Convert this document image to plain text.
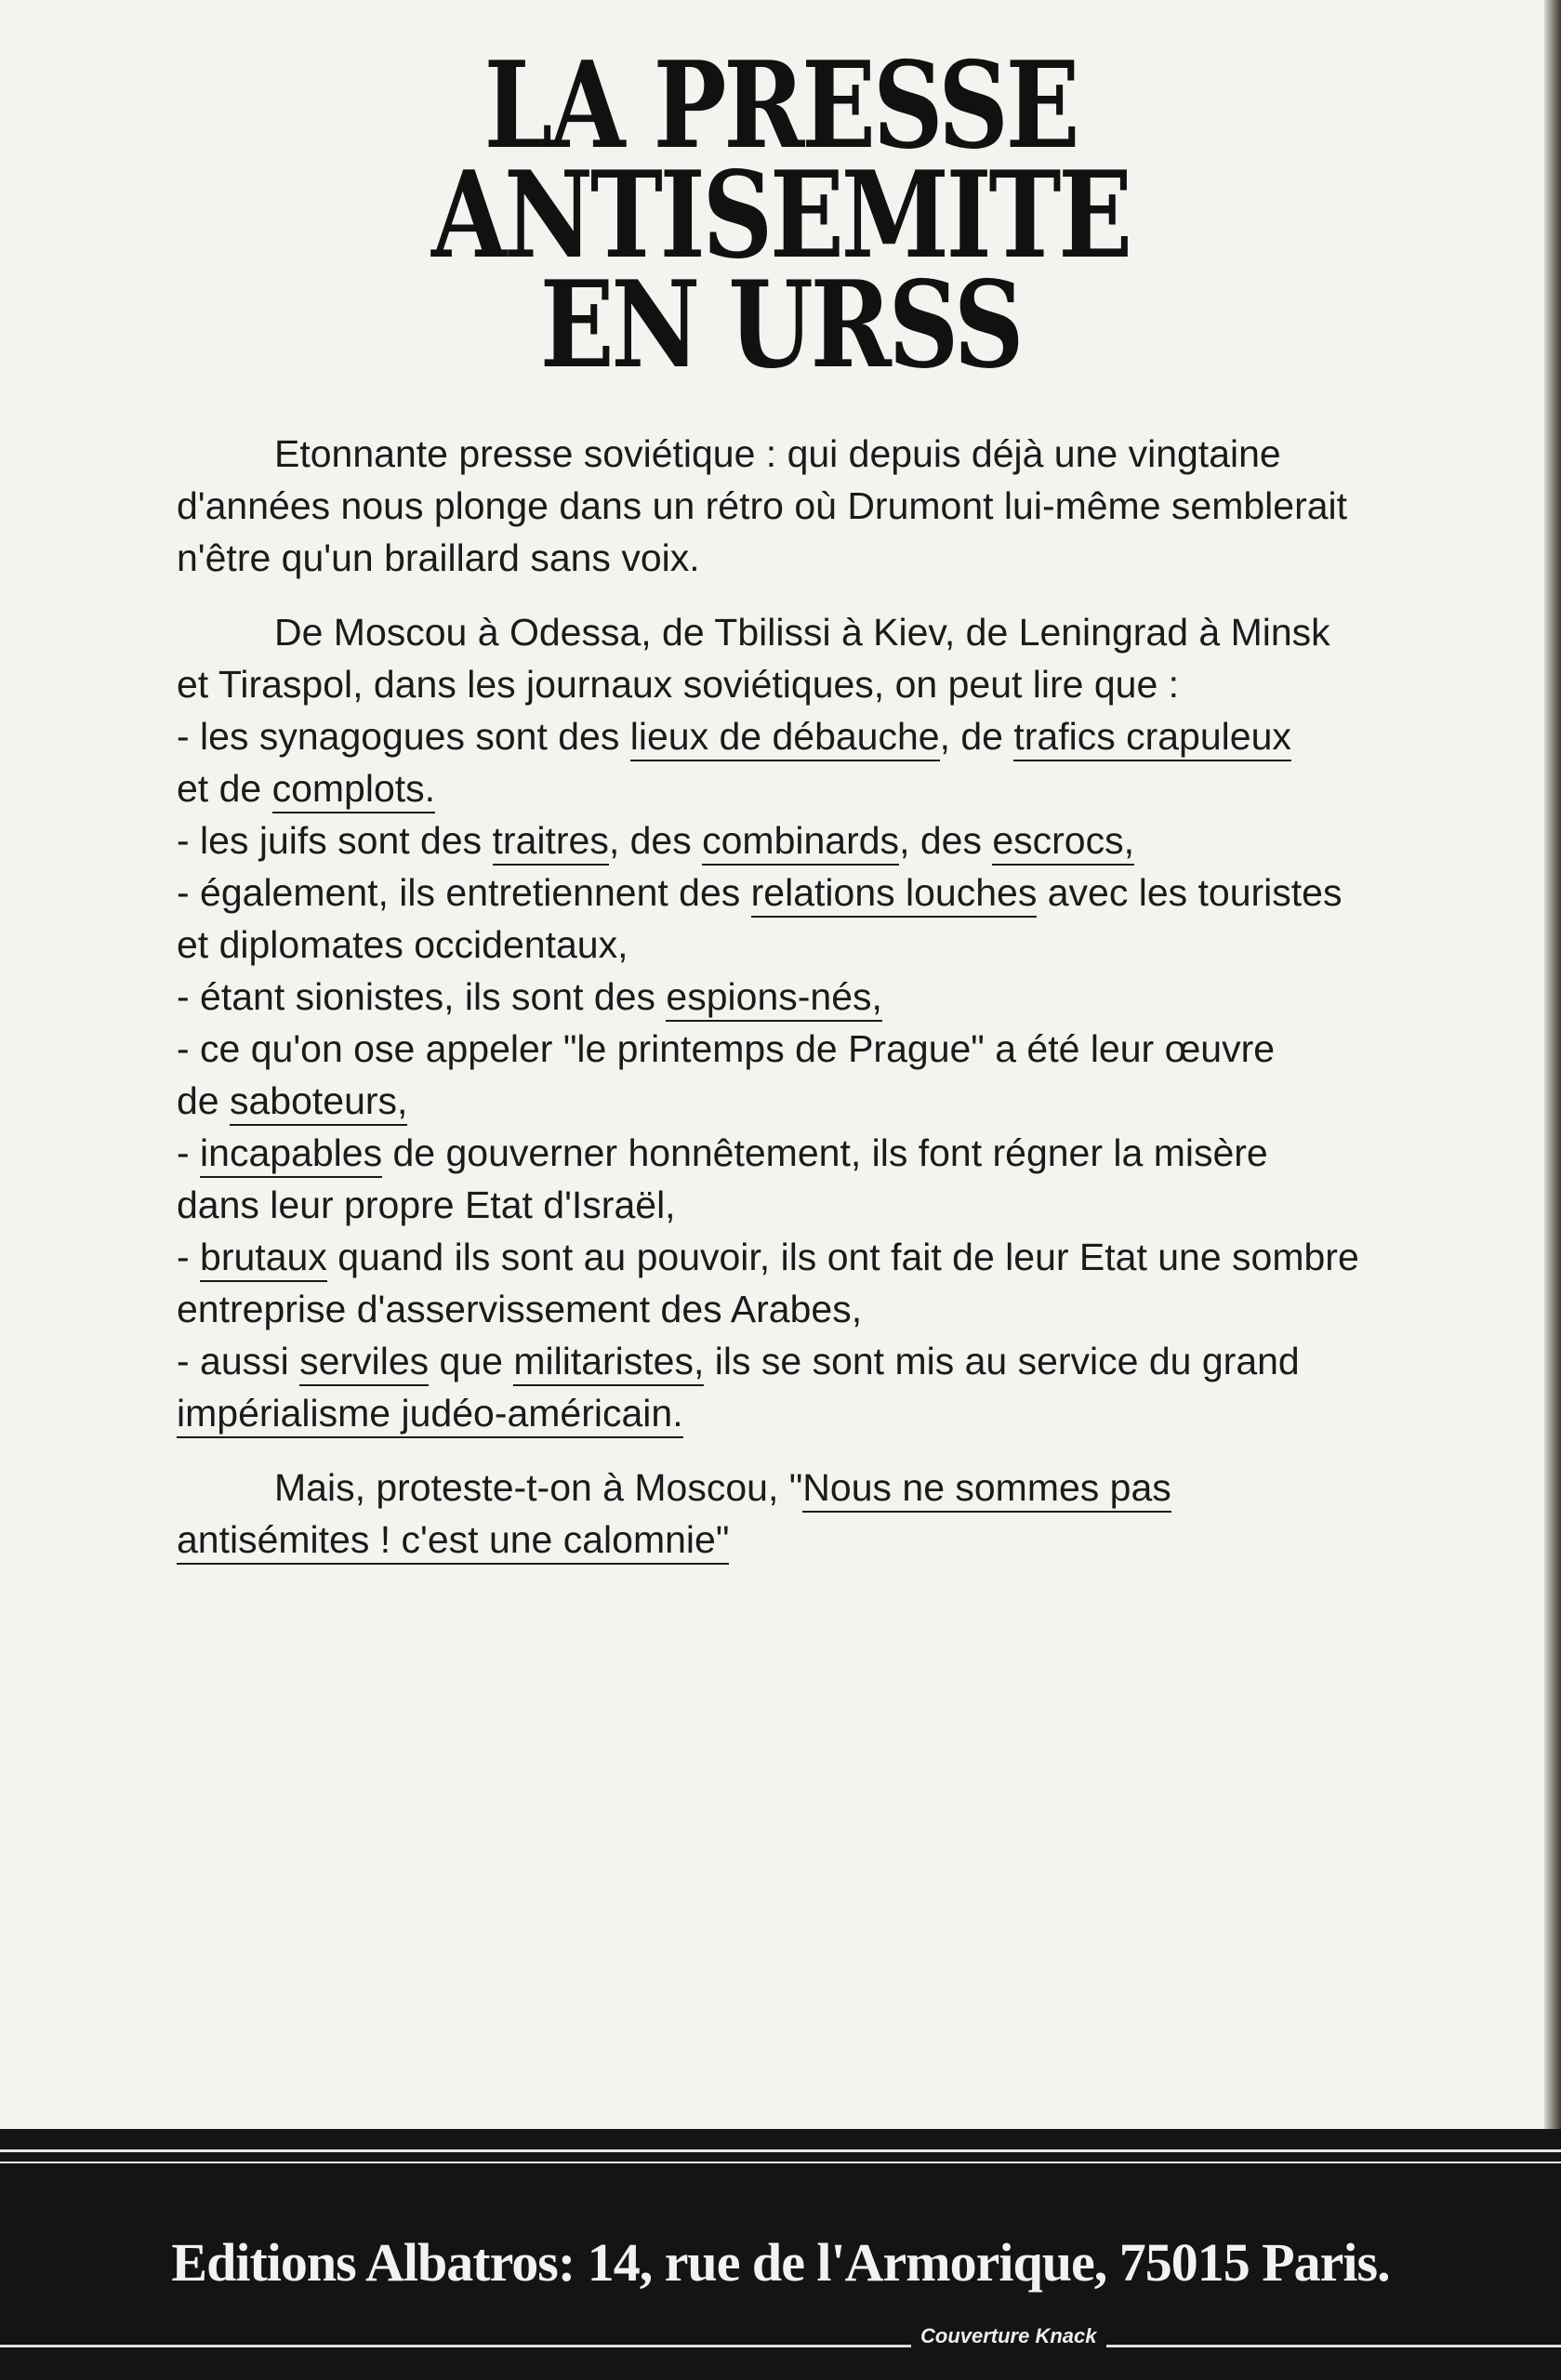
LA PRESSE
ANTISEMITE
EN URSS
Etonnante presse soviétique : qui depuis déjà une vingtaine
d'années nous plonge dans un rétro où Drumont lui-même semblerait
n'être qu'un braillard sans voix.
De Moscou à Odessa, de Tbilissi à Kiev, de Leningrad à Minsk
et Tiraspol, dans les journaux soviétiques, on peut lire que :
- les synagogues sont des lieux de débauche, de trafics crapuleux
et de complots.
- les juifs sont des traitres, des combinards, des escrocs,
- également, ils entretiennent des relations louches avec les touristes
et diplomates occidentaux,
- étant sionistes, ils sont des espions-nés,
- ce qu'on ose appeler "le printemps de Prague" a été leur œuvre
de saboteurs,
- incapables de gouverner honnêtement, ils font régner la misère
dans leur propre Etat d'Israël,
- brutaux quand ils sont au pouvoir, ils ont fait de leur Etat une sombre
entreprise d'asservissement des Arabes,
- aussi serviles que militaristes, ils se sont mis au service du grand
impérialisme judéo-américain.
Mais, proteste-t-on à Moscou, "Nous ne sommes pas
antisémites ! c'est une calomnie"
Editions Albatros: 14, rue de l'Armorique, 75015 Paris.
Couverture Knack
